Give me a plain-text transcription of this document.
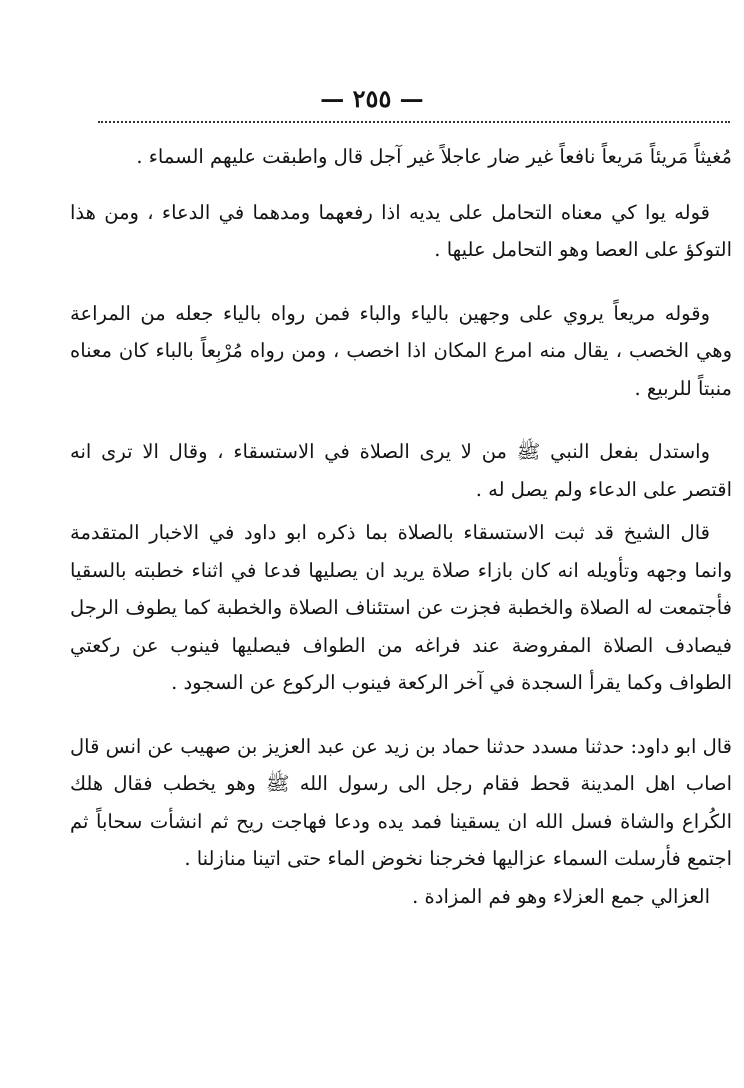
— ٢٥٥ —

مُغيثاً مَريئاً مَريعاً نافعاً غير ضار عاجلاً غير آجل قال واطبقت عليهم السماء .

قوله يوا كي معناه التحامل على يديه اذا رفعهما ومدهما في الدعاء ، ومن هذا التوكؤ على العصا وهو التحامل عليها .

وقوله مريعاً يروي على وجهين بالياء والباء فمن رواه بالياء جعله من المراعة وهي الخصب ، يقال منه امرع المكان اذا اخصب ، ومن رواه مُرْبِعاً بالباء كان معناه منبتاً للربيع .

واستدل بفعل النبي ﷺ من لا يرى الصلاة في الاستسقاء ، وقال الا ترى انه اقتصر على الدعاء ولم يصل له .

قال الشيخ قد ثبت الاستسقاء بالصلاة بما ذكره ابو داود في الاخبار المتقدمة وانما وجهه وتأويله انه كان بازاء صلاة يريد ان يصليها فدعا في اثناء خطبته بالسقيا فأجتمعت له الصلاة والخطبة فجزت عن استئناف الصلاة والخطبة كما يطوف الرجل فيصادف الصلاة المفروضة عند فراغه من الطواف فيصليها فينوب عن ركعتي الطواف وكما يقرأ السجدة في آخر الركعة فينوب الركوع عن السجود .

قال ابو داود: حدثنا مسدد حدثنا حماد بن زيد عن عبد العزيز بن صهيب عن انس قال اصاب اهل المدينة قحط فقام رجل الى رسول الله ﷺ وهو يخطب فقال هلك الكُراع والشاة فسل الله ان يسقينا فمد يده ودعا فهاجت ريح ثم انشأت سحاباً ثم اجتمع فأرسلت السماء عزاليها فخرجنا نخوض الماء حتى اتينا منازلنا .

العزالي جمع العزلاء وهو فم المزادة .
